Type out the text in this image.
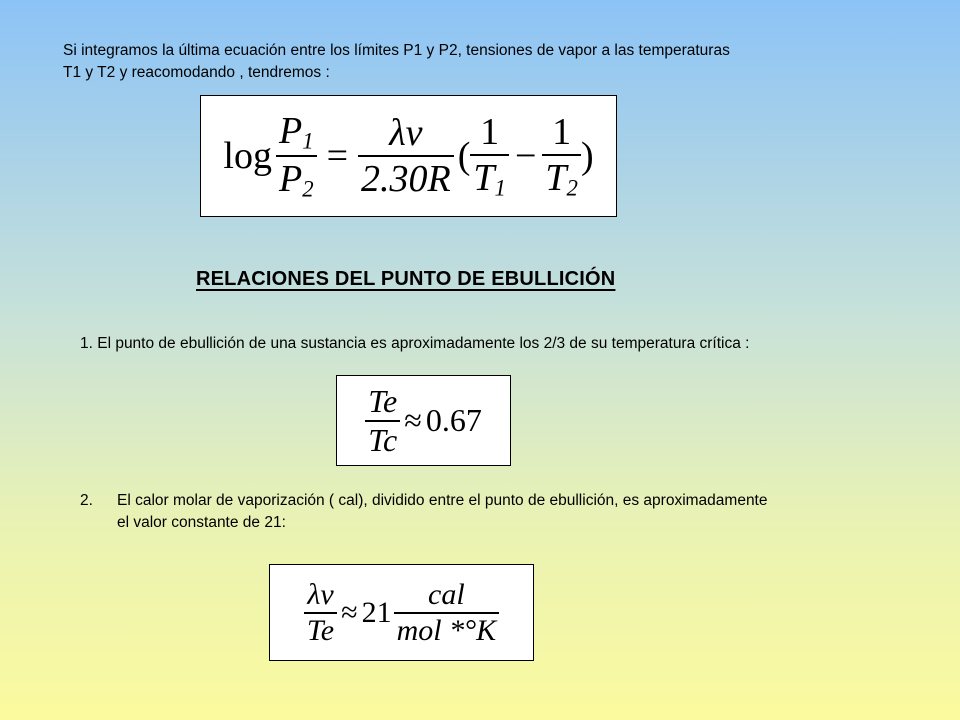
Si integramos la última ecuación entre los límites P1 y P2, tensiones de vapor a las temperaturas
T1 y T2 y reacomodando , tendremos :
$\log \frac{P_1}{P_2} = \frac{\lambda v}{2.30R}$ ( $\frac{1}{T_1} - \frac{1}{T_2}$ )
RELACIONES DEL PUNTO DE EBULLICIÓN
1. El punto de ebullición de una sustancia es aproximadamente los 2/3 de su temperatura crítica :
$\frac{Te}{Tc} \approx 0.67$
2. El calor molar de vaporización ( cal), dividido entre el punto de ebullición, es aproximadamente
el valor constante de 21:
$\frac{\lambda v}{Te} \approx 21 \frac{\text{cal}}{\text{mol *°K}}$
